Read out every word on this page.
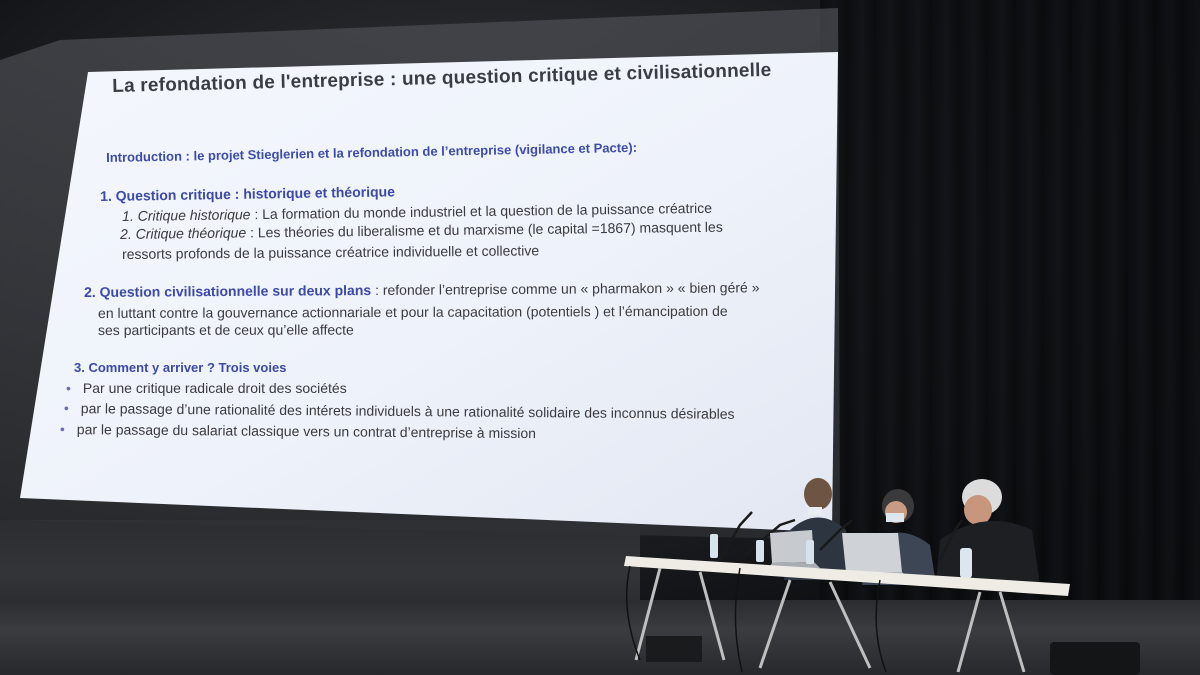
La refondation de l'entreprise : une question critique et civilisationnelle
Introduction : le projet Stieglerien et la refondation de l’entreprise (vigilance et Pacte):
1. Question critique : historique et théorique
1. Critique historique : La formation du monde industriel et la question de la puissance créatrice
2. Critique théorique : Les théories du liberalisme et du marxisme (le capital =1867) masquent les
ressorts profonds de la puissance créatrice individuelle et collective
2. Question civilisationnelle sur deux plans : refonder l’entreprise comme un « pharmakon » « bien géré »
en luttant contre la gouvernance actionnariale et pour la capacitation (potentiels ) et l’émancipation de
ses participants et de ceux qu’elle affecte
3. Comment y arriver ? Trois voies
• Par une critique radicale droit des sociétés
• par le passage d’une rationalité des intérets individuels à une rationalité solidaire des inconnus désirables
• par le passage du salariat classique vers un contrat d’entreprise à mission
